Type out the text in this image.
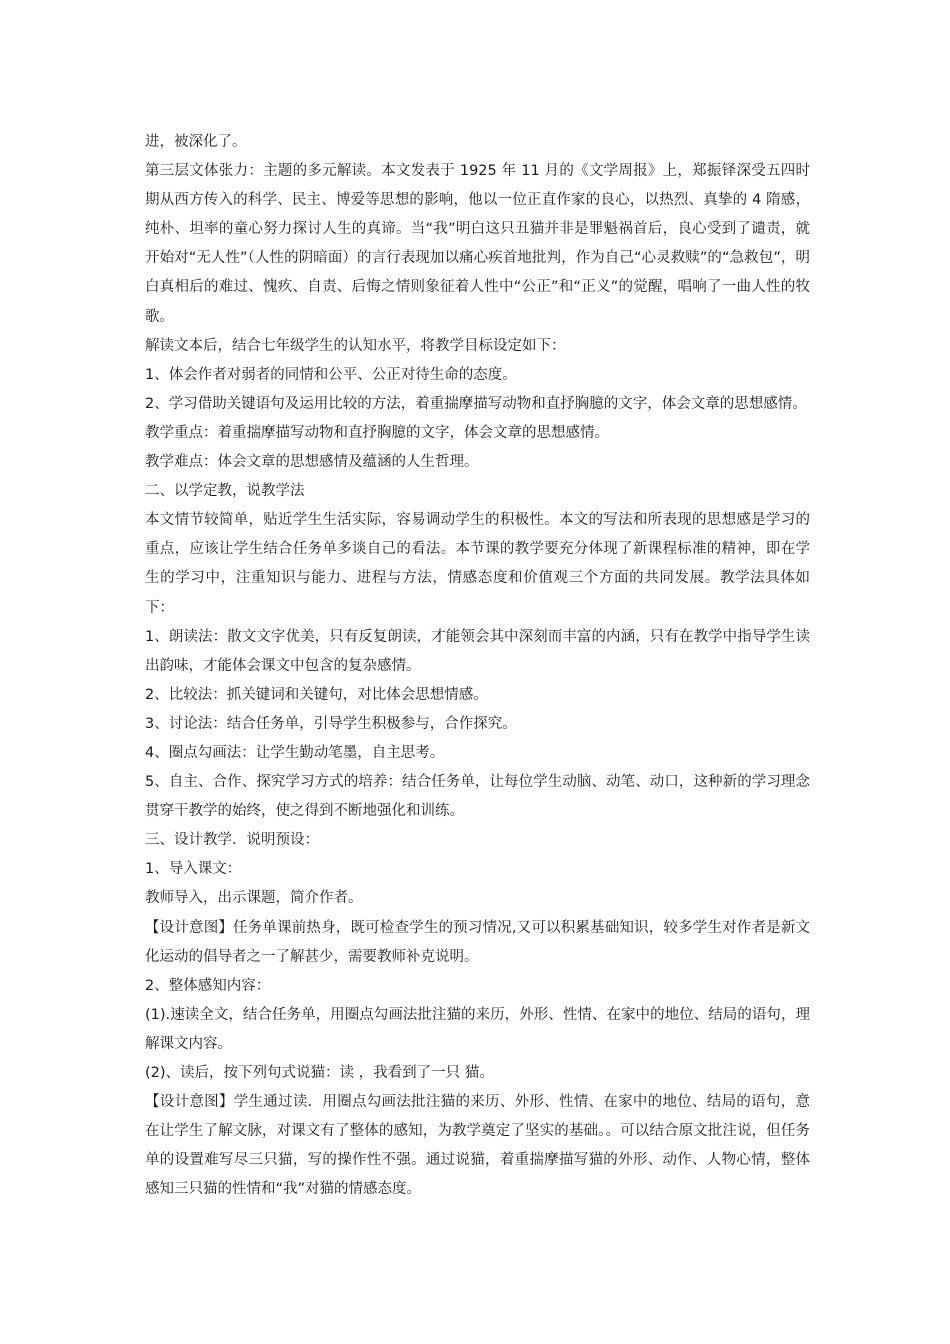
进，被深化了。

第三层文体张力：主题的多元解读。本文发表于 1925 年 11 月的《文学周报》上，郑振铎深受五四时期从西方传入的科学、民主、博爱等思想的影响，他以一位正直作家的良心，以热烈、真挚的 4 隋感，纯朴、坦率的童心努力探讨人生的真谛。当“我”明白这只丑猫并非是罪魁祸首后，良心受到了谴责，就开始对“无人性”（人性的阴暗面）的言行表现加以痛心疾首地批判，作为自己“心灵救赎”的“急救包”，明白真相后的难过、愧疚、自责、后悔之情则象征着人性中“公正”和“正义”的觉醒，唱响了一曲人性的牧歌。

解读文本后，结合七年级学生的认知水平，将教学目标设定如下：

1、体会作者对弱者的同情和公平、公正对待生命的态度。

2、学习借助关键语句及运用比较的方法，着重揣摩描写动物和直抒胸臆的文字，体会文章的思想感情。

教学重点：着重揣摩描写动物和直抒胸臆的文字，体会文章的思想感情。

教学难点：体会文章的思想感情及蕴涵的人生哲理。

二、以学定教，说教学法

本文情节较简单，贴近学生生活实际，容易调动学生的积极性。本文的写法和所表现的思想感是学习的重点，应该让学生结合任务单多谈自己的看法。本节课的教学要充分体现了新课程标准的精神，即在学生的学习中，注重知识与能力、进程与方法，情感态度和价值观三个方面的共同发展。教学法具体如下：

1、朗读法：散文文字优美，只有反复朗读，才能领会其中深刻而丰富的内涵，只有在教学中指导学生读出韵味，才能体会课文中包含的复杂感情。

2、比较法：抓关键词和关键句，对比体会思想情感。

3、讨论法：结合任务单，引导学生积极参与，合作探究。

4、圈点勾画法：让学生勤动笔墨，自主思考。

5、自主、合作、探究学习方式的培养：结合任务单，让每位学生动脑、动笔、动口，这种新的学习理念贯穿干教学的始终，使之得到不断地强化和训练。

三、设计教学．说明预设：

1、导入课文：

教师导入，出示课题，简介作者。

【设计意图】任务单课前热身，既可检查学生的预习情况,又可以积累基础知识，较多学生对作者是新文化运动的倡导者之一了解甚少，需要教师补克说明。

2、整体感知内容：

(1).速读全文，结合任务单，用圈点勾画法批注猫的来历，外形、性情、在家中的地位、结局的语句，理解课文内容。

(2)、读后，按下列句式说猫：读 ，我看到了一只 猫。

【设计意图】学生通过读．用圈点勾画法批注猫的来历、外形、性情、在家中的地位、结局的语句，意在让学生了解文脉，对课文有了整体的感知，为教学奠定了坚实的基础。。可以结合原文批注说，但任务单的设置难写尽三只猫，写的操作性不强。通过说猫，着重揣摩描写猫的外形、动作、人物心情，整体感知三只猫的性情和“我”对猫的情感态度。
